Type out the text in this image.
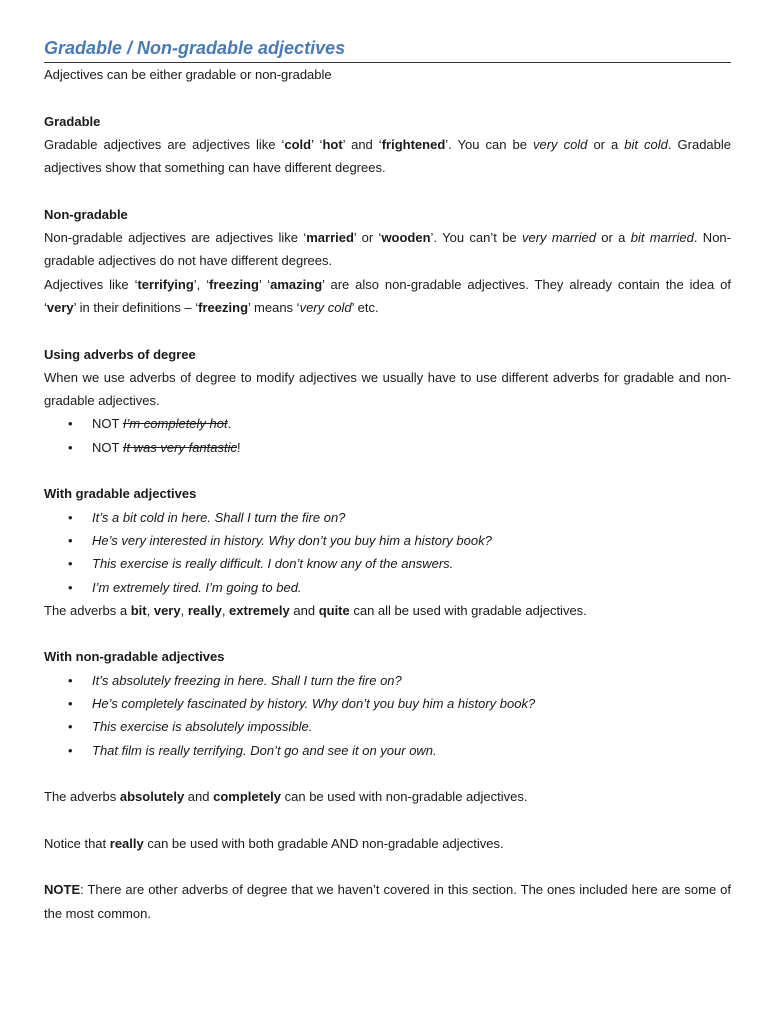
Gradable / Non-gradable adjectives

Adjectives can be either gradable or non-gradable

Gradable

Gradable adjectives are adjectives like ‘cold’ ‘hot’ and ‘frightened’. You can be very cold or a bit cold. Gradable adjectives show that something can have different degrees.

Non-gradable

Non-gradable adjectives are adjectives like ‘married’ or ‘wooden’. You can’t be very married or a bit married. Non-gradable adjectives do not have different degrees.

Adjectives like ‘terrifying’, ‘freezing’ ‘amazing’ are also non-gradable adjectives. They already contain the idea of ‘very’ in their definitions – ‘freezing’ means ‘very cold’ etc.

Using adverbs of degree

When we use adverbs of degree to modify adjectives we usually have to use different adverbs for gradable and non-gradable adjectives.

• NOT I’m completely hot.
• NOT It was very fantastic!

With gradable adjectives

• It’s a bit cold in here. Shall I turn the fire on?
• He’s very interested in history. Why don’t you buy him a history book?
• This exercise is really difficult. I don’t know any of the answers.
• I’m extremely tired. I’m going to bed.

The adverbs a bit, very, really, extremely and quite can all be used with gradable adjectives.

With non-gradable adjectives

• It’s absolutely freezing in here. Shall I turn the fire on?
• He’s completely fascinated by history. Why don’t you buy him a history book?
• This exercise is absolutely impossible.
• That film is really terrifying. Don’t go and see it on your own.

The adverbs absolutely and completely can be used with non-gradable adjectives.

Notice that really can be used with both gradable AND non-gradable adjectives.

NOTE: There are other adverbs of degree that we haven’t covered in this section. The ones included here are some of the most common.
